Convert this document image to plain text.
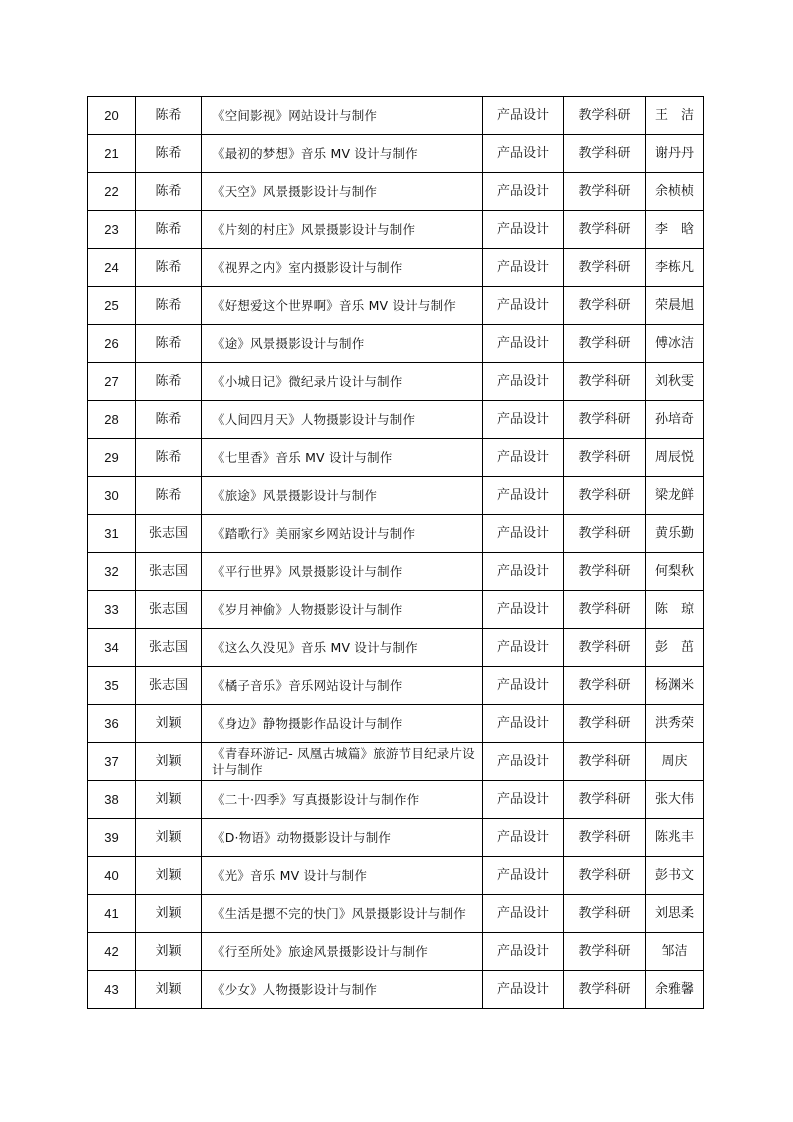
20	陈希	《空间影视》网站设计与制作	产品设计	教学科研	王　洁
21	陈希	《最初的梦想》音乐 MV 设计与制作	产品设计	教学科研	谢丹丹
22	陈希	《天空》风景摄影设计与制作	产品设计	教学科研	余桢桢
23	陈希	《片刻的村庄》风景摄影设计与制作	产品设计	教学科研	李　晗
24	陈希	《视界之内》室内摄影设计与制作	产品设计	教学科研	李栋凡
25	陈希	《好想爱这个世界啊》音乐 MV 设计与制作	产品设计	教学科研	荣晨旭
26	陈希	《途》风景摄影设计与制作	产品设计	教学科研	傅冰洁
27	陈希	《小城日记》微纪录片设计与制作	产品设计	教学科研	刘秋雯
28	陈希	《人间四月天》人物摄影设计与制作	产品设计	教学科研	孙培奇
29	陈希	《七里香》音乐 MV 设计与制作	产品设计	教学科研	周辰悦
30	陈希	《旅途》风景摄影设计与制作	产品设计	教学科研	梁龙鲜
31	张志国	《踏歌行》美丽家乡网站设计与制作	产品设计	教学科研	黄乐勤
32	张志国	《平行世界》风景摄影设计与制作	产品设计	教学科研	何梨秋
33	张志国	《岁月神偷》人物摄影设计与制作	产品设计	教学科研	陈　琼
34	张志国	《这么久没见》音乐 MV 设计与制作	产品设计	教学科研	彭　茁
35	张志国	《橘子音乐》音乐网站设计与制作	产品设计	教学科研	杨渊米
36	刘颖	《身边》静物摄影作品设计与制作	产品设计	教学科研	洪秀荣
37	刘颖	《青春环游记- 凤凰古城篇》旅游节目纪录片设计与制作	产品设计	教学科研	周庆
38	刘颖	《二十·四季》写真摄影设计与制作作	产品设计	教学科研	张大伟
39	刘颖	《D·物语》动物摄影设计与制作	产品设计	教学科研	陈兆丰
40	刘颖	《光》音乐 MV 设计与制作	产品设计	教学科研	彭书文
41	刘颖	《生活是摁不完的快门》风景摄影设计与制作	产品设计	教学科研	刘思柔
42	刘颖	《行至所处》旅途风景摄影设计与制作	产品设计	教学科研	邹洁
43	刘颖	《少女》人物摄影设计与制作	产品设计	教学科研	余雅馨
